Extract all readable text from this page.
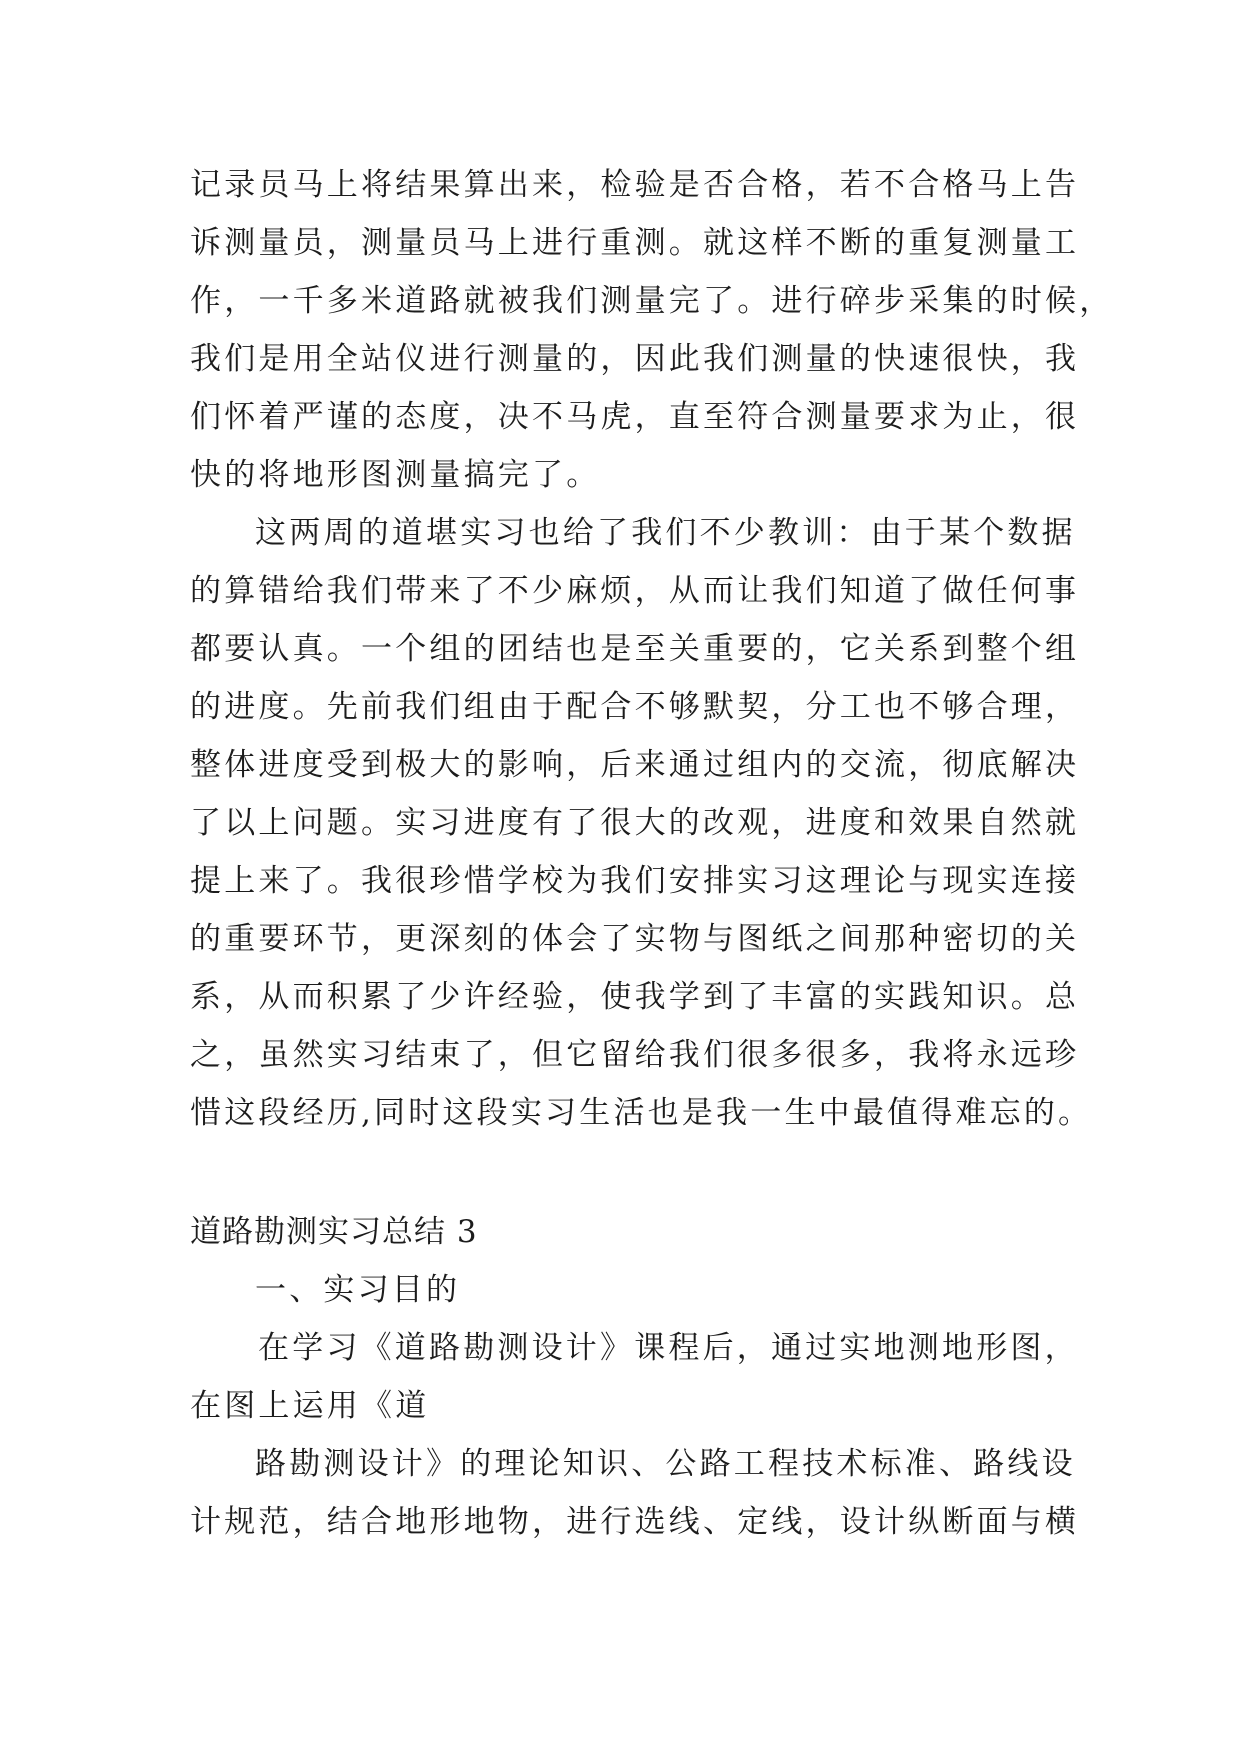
记录员马上将结果算出来，检验是否合格，若不合格马上告
诉测量员，测量员马上进行重测。就这样不断的重复测量工
作，一千多米道路就被我们测量完了。进行碎步采集的时候，
我们是用全站仪进行测量的，因此我们测量的快速很快，我
们怀着严谨的态度，决不马虎，直至符合测量要求为止，很
快的将地形图测量搞完了。
这两周的道堪实习也给了我们不少教训：由于某个数据
的算错给我们带来了不少麻烦，从而让我们知道了做任何事
都要认真。一个组的团结也是至关重要的，它关系到整个组
的进度。先前我们组由于配合不够默契，分工也不够合理，
整体进度受到极大的影响，后来通过组内的交流，彻底解决
了以上问题。实习进度有了很大的改观，进度和效果自然就
提上来了。我很珍惜学校为我们安排实习这理论与现实连接
的重要环节，更深刻的体会了实物与图纸之间那种密切的关
系，从而积累了少许经验，使我学到了丰富的实践知识。总
之，虽然实习结束了，但它留给我们很多很多，我将永远珍
惜这段经历,同时这段实习生活也是我一生中最值得难忘的。
道路勘测实习总结 3
一、实习目的
在学习《道路勘测设计》课程后，通过实地测地形图，
在图上运用《道
路勘测设计》的理论知识、公路工程技术标准、路线设
计规范，结合地形地物，进行选线、定线，设计纵断面与横
